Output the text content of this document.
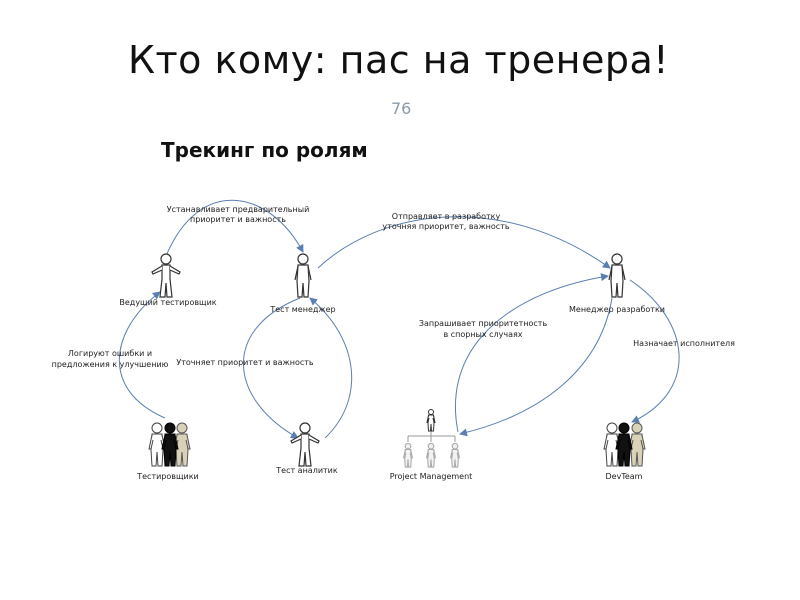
Кто кому: пас на тренера!
76
Трекинг по ролям
Ведущий тестировщик
Тест менеджер	Менеджер разработки
Тестировщики
Тест аналитик
Project Management	DevTeam
Устанавливает предварительный
приоритет и важность	Отправляет в разработку
уточняя приоритет, важность
Логируют ошибки и
предложения к улучшению Уточняет приоритет и важность
Запрашивает приоритетность
в спорных случаях
Назначает исполнителя
